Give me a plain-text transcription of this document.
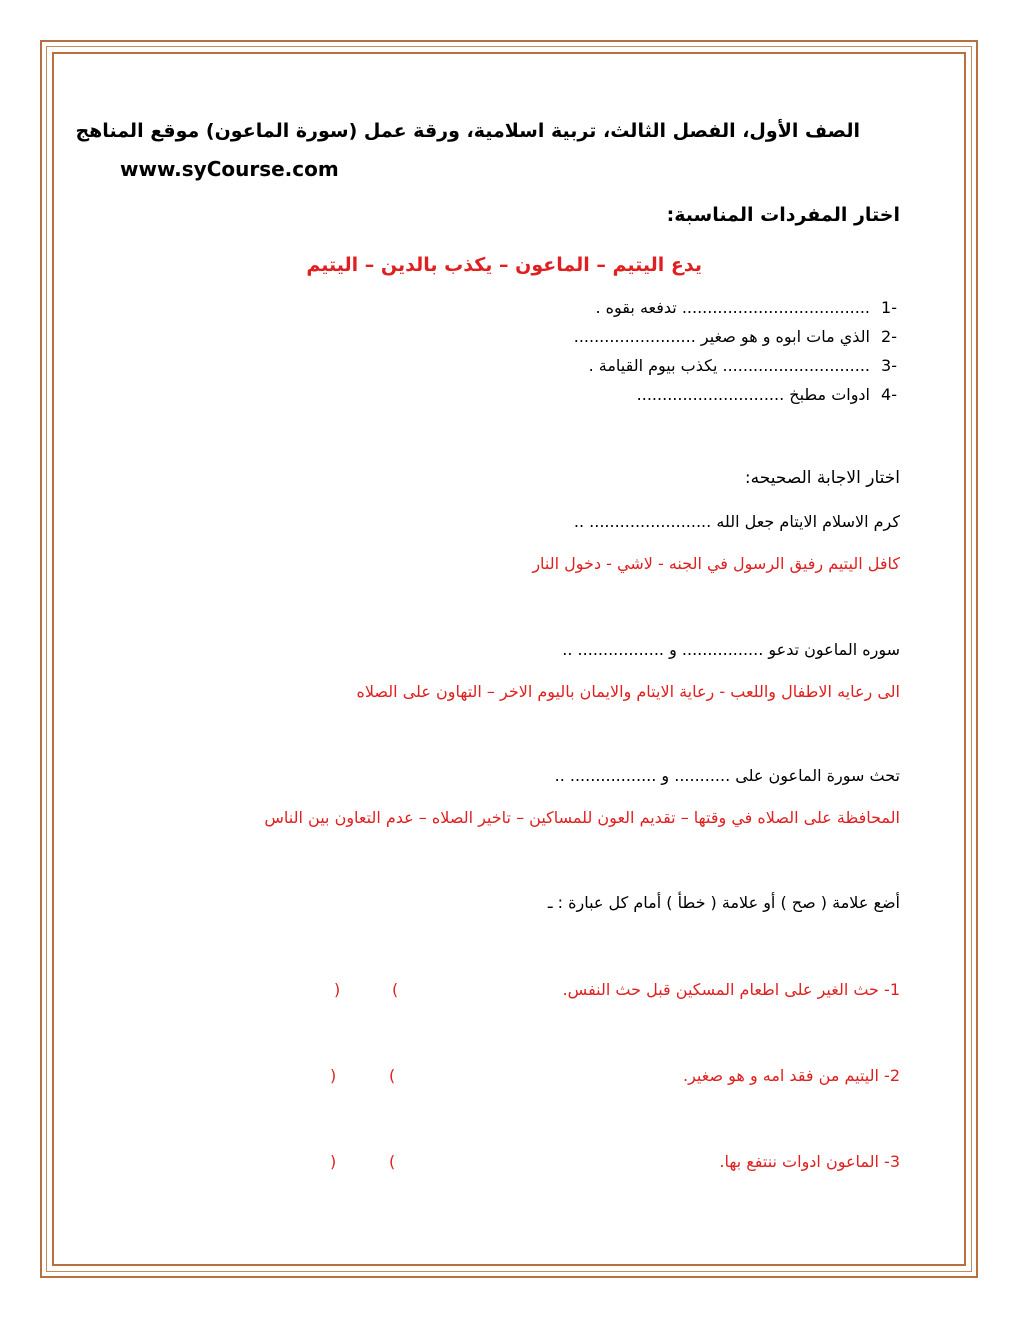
الصف الأول، الفصل الثالث، تربية اسلامية، ورقة عمل (سورة الماعون) موقع المناهج
www.syCourse.com
اختار المفردات المناسبة:
يدع اليتيم – الماعون – يكذب بالدين – اليتيم
1-
..................................... تدفعه بقوه .
2-
الذي مات ابوه و هو صغير ........................
3-
............................. يكذب بيوم القيامة .
4-
ادوات مطبخ .............................
اختار الاجابة الصحيحه:
كرم الاسلام الايتام جعل الله ........................ ..
كافل اليتيم رفيق الرسول في الجنه - لاشي - دخول النار
سوره الماعون تدعو ................ و ................. ..
الى رعايه الاطفال واللعب - رعاية الايتام والايمان باليوم الاخر – التهاون على الصلاه
تحث سورة الماعون على ........... و ................. ..
المحافظة على الصلاه في وقتها – تقديم العون للمساكين – تاخير الصلاه – عدم التعاون بين الناس
أضع علامة ( صح ) أو علامة ( خطأ ) أمام كل عبارة : ـ
1- حث الغير على اطعام المسكين قبل حث النفس.
(
)
2- اليتيم من فقد امه و هو صغير.
(
)
3- الماعون ادوات ننتفع بها.
(
)
